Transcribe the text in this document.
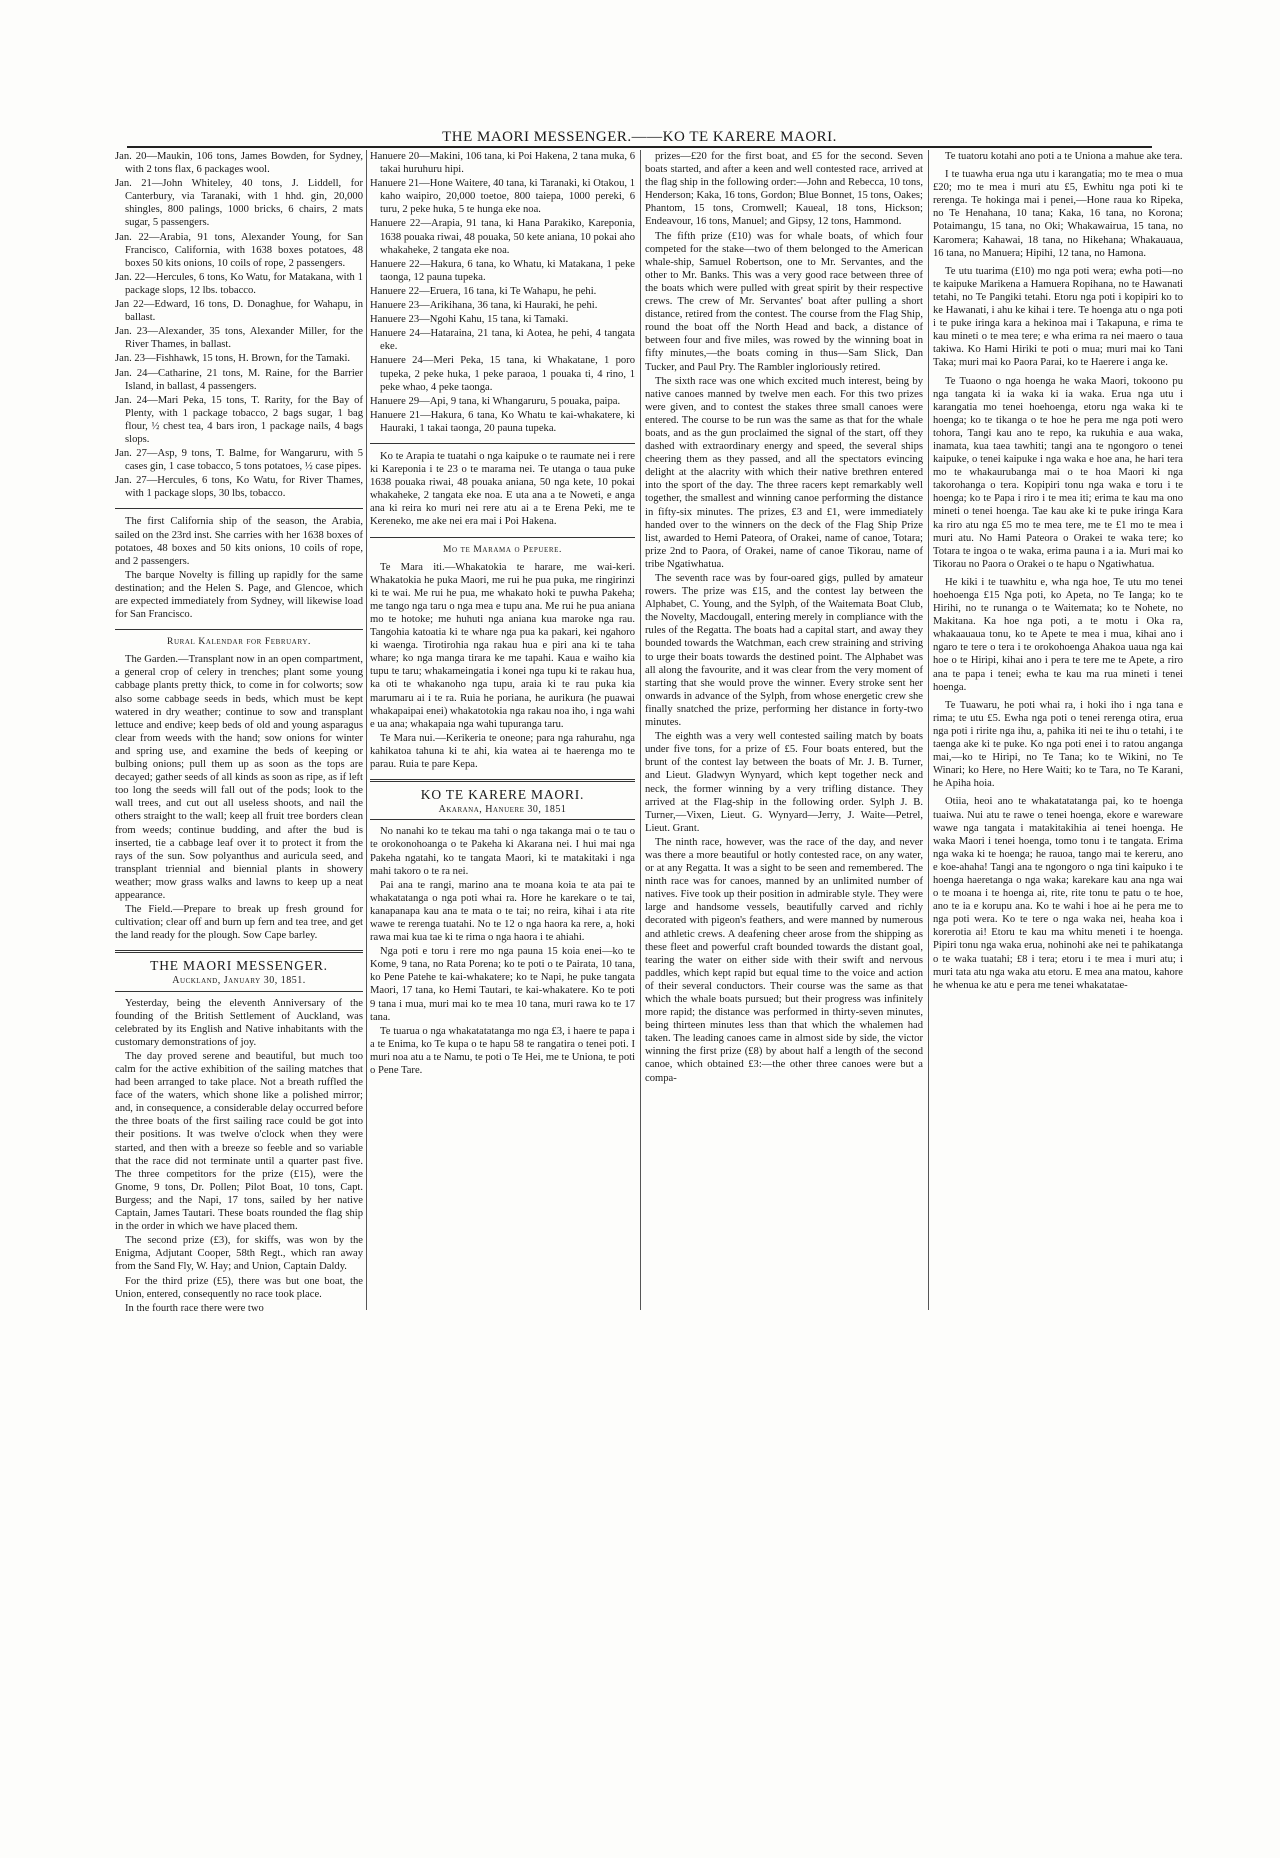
THE MAORI MESSENGER.——KO TE KARERE MAORI.

Jan. 20—Maukin, 106 tons, James Bowden, for Sydney, with 2 tons flax, 6 packages wool.

Jan. 21—John Whiteley, 40 tons, J. Liddell, for Canterbury, via Taranaki, with 1 hhd. gin, 20,000 shingles, 800 palings, 1000 bricks, 6 chairs, 2 mats sugar, 5 passengers.

Jan. 22—Arabia, 91 tons, Alexander Young, for San Francisco, California, with 1638 boxes potatoes, 48 boxes 50 kits onions, 10 coils of rope, 2 passengers.

Jan. 22—Hercules, 6 tons, Ko Watu, for Matakana, with 1 package slops, 12 lbs. tobacco.

Jan 22—Edward, 16 tons, D. Donaghue, for Wahapu, in ballast.

Jan. 23—Alexander, 35 tons, Alexander Miller, for the River Thames, in ballast.

Jan. 23—Fishhawk, 15 tons, H. Brown, for the Tamaki.

Jan. 24—Catharine, 21 tons, M. Raine, for the Barrier Island, in ballast, 4 passengers.

Jan. 24—Mari Peka, 15 tons, T. Rarity, for the Bay of Plenty, with 1 package tobacco, 2 bags sugar, 1 bag flour, ½ chest tea, 4 bars iron, 1 package nails, 4 bags slops.

Jan. 27—Asp, 9 tons, T. Balme, for Wangaruru, with 5 cases gin, 1 case tobacco, 5 tons potatoes, ½ case pipes.

Jan. 27—Hercules, 6 tons, Ko Watu, for River Thames, with 1 package slops, 30 lbs, tobacco.

The first California ship of the season, the Arabia, sailed on the 23rd inst. She carries with her 1638 boxes of potatoes, 48 boxes and 50 kits onions, 10 coils of rope, and 2 passengers.

The barque Novelty is filling up rapidly for the same destination; and the Helen S. Page, and Glencoe, which are expected immediately from Sydney, will likewise load for San Francisco.

Rural Kalendar for February.

The Garden.—Transplant now in an open compartment, a general crop of celery in trenches; plant some young cabbage plants pretty thick, to come in for colworts; sow also some cabbage seeds in beds, which must be kept watered in dry weather; continue to sow and transplant lettuce and endive; keep beds of old and young asparagus clear from weeds with the hand; sow onions for winter and spring use, and examine the beds of keeping or bulbing onions; pull them up as soon as the tops are decayed; gather seeds of all kinds as soon as ripe, as if left too long the seeds will fall out of the pods; look to the wall trees, and cut out all useless shoots, and nail the others straight to the wall; keep all fruit tree borders clean from weeds; continue budding, and after the bud is inserted, tie a cabbage leaf over it to protect it from the rays of the sun. Sow polyanthus and auricula seed, and transplant triennial and biennial plants in showery weather; mow grass walks and lawns to keep up a neat appearance.

The Field.—Prepare to break up fresh ground for cultivation; clear off and burn up fern and tea tree, and get the land ready for the plough. Sow Cape barley.

THE MAORI MESSENGER.
Auckland, January 30, 1851.

Yesterday, being the eleventh Anniversary of the founding of the British Settlement of Auckland, was celebrated by its English and Native inhabitants with the customary demonstrations of joy.

The day proved serene and beautiful, but much too calm for the active exhibition of the sailing matches that had been arranged to take place. Not a breath ruffled the face of the waters, which shone like a polished mirror; and, in consequence, a considerable delay occurred before the three boats of the first sailing race could be got into their positions. It was twelve o'clock when they were started, and then with a breeze so feeble and so variable that the race did not terminate until a quarter past five. The three competitors for the prize (£15), were the Gnome, 9 tons, Dr. Pollen; Pilot Boat, 10 tons, Capt. Burgess; and the Napi, 17 tons, sailed by her native Captain, James Tautari. These boats rounded the flag ship in the order in which we have placed them.

The second prize (£3), for skiffs, was won by the Enigma, Adjutant Cooper, 58th Regt., which ran away from the Sand Fly, W. Hay; and Union, Captain Daldy.

For the third prize (£5), there was but one boat, the Union, entered, consequently no race took place.

In the fourth race there were two

Hanuere 20—Makini, 106 tana, ki Poi Hakena, 2 tana muka, 6 takai huruhuru hipi.

Hanuere 21—Hone Waitere, 40 tana, ki Taranaki, ki Otakou, 1 kaho waipiro, 20,000 toetoe, 800 taiepa, 1000 pereki, 6 turu, 2 peke huka, 5 te hunga eke noa.

Hanuere 22—Arapia, 91 tana, ki Hana Parakiko, Kareponia, 1638 pouaka riwai, 48 pouaka, 50 kete aniana, 10 pokai aho whakaheke, 2 tangata eke noa.

Hanuere 22—Hakura, 6 tana, ko Whatu, ki Matakana, 1 peke taonga, 12 pauna tupeka.

Hanuere 22—Eruera, 16 tana, ki Te Wahapu, he pehi.

Hanuere 23—Arikihana, 36 tana, ki Hauraki, he pehi.

Hanuere 23—Ngohi Kahu, 15 tana, ki Tamaki.

Hanuere 24—Hataraina, 21 tana, ki Aotea, he pehi, 4 tangata eke.

Hanuere 24—Meri Peka, 15 tana, ki Whakatane, 1 poro tupeka, 2 peke huka, 1 peke paraoa, 1 pouaka ti, 4 rino, 1 peke whao, 4 peke taonga.

Hanuere 29—Api, 9 tana, ki Whangaruru, 5 pouaka, paipa.

Hanuere 21—Hakura, 6 tana, Ko Whatu te kai-whakatere, ki Hauraki, 1 takai taonga, 20 pauna tupeka.

Ko te Arapia te tuatahi o nga kaipuke o te raumate nei i rere ki Kareponia i te 23 o te marama nei. Te utanga o taua puke 1638 pouaka riwai, 48 pouaka aniana, 50 nga kete, 10 pokai whakaheke, 2 tangata eke noa. E uta ana a te Noweti, e anga ana ki reira ko muri nei rere atu ai a te Erena Peki, me te Kereneko, me ake nei era mai i Poi Hakena.

Mo te Marama o Pepuere.

Te Mara iti.—Whakatokia te harare, me wai-keri. Whakatokia he puka Maori, me rui he pua puka, me ringirinzi ki te wai. Me rui he pua, me whakato hoki te puwha Pakeha; me tango nga taru o nga mea e tupu ana. Me rui he pua aniana mo te hotoke; me huhuti nga aniana kua maroke nga rau. Tangohia katoatia ki te whare nga pua ka pakari, kei ngahoro ki waenga. Tirotirohia nga rakau hua e piri ana ki te taha whare; ko nga manga tirara ke me tapahi. Kaua e waiho kia tupu te taru; whakameingatia i konei nga tupu ki te rakau hua, ka oti te whakanoho nga tupu, araia ki te rau puka kia marumaru ai i te ra. Ruia he poriana, he aurikura (he puawai whakapaipai enei) whakatotokia nga rakau noa iho, i nga wahi e ua ana; whakapaia nga wahi tupuranga taru.

Te Mara nui.—Kerikeria te oneone; para nga rahurahu, nga kahikatoa tahuna ki te ahi, kia watea ai te haerenga mo te parau. Ruia te pare Kepa.

KO TE KARERE MAORI.
Akarana, Hanuere 30, 1851

No nanahi ko te tekau ma tahi o nga takanga mai o te tau o te orokonohoanga o te Pakeha ki Akarana nei. I hui mai nga Pakeha ngatahi, ko te tangata Maori, ki te matakitaki i nga mahi takoro o te ra nei.

Pai ana te rangi, marino ana te moana koia te ata pai te whakatatanga o nga poti whai ra. Hore he karekare o te tai, kanapanapa kau ana te mata o te tai; no reira, kihai i ata rite wawe te rerenga tuatahi. No te 12 o nga haora ka rere, a, hoki rawa mai kua tae ki te rima o nga haora i te ahiahi.

Nga poti e toru i rere mo nga pauna 15 koia enei—ko te Kome, 9 tana, no Rata Porena; ko te poti o te Pairata, 10 tana, ko Pene Patehe te kai-whakatere; ko te Napi, he puke tangata Maori, 17 tana, ko Hemi Tautari, te kai-whakatere. Ko te poti 9 tana i mua, muri mai ko te mea 10 tana, muri rawa ko te 17 tana.

Te tuarua o nga whakatatatanga mo nga £3, i haere te papa i a te Enima, ko Te kupa o te hapu 58 te rangatira o tenei poti. I muri noa atu a te Namu, te poti o Te Hei, me te Uniona, te poti o Pene Tare.

prizes—£20 for the first boat, and £5 for the second. Seven boats started, and after a keen and well contested race, arrived at the flag ship in the following order:—John and Rebecca, 10 tons, Henderson; Kaka, 16 tons, Gordon; Blue Bonnet, 15 tons, Oakes; Phantom, 15 tons, Cromwell; Kaueal, 18 tons, Hickson; Endeavour, 16 tons, Manuel; and Gipsy, 12 tons, Hammond.

The fifth prize (£10) was for whale boats, of which four competed for the stake—two of them belonged to the American whale-ship, Samuel Robertson, one to Mr. Servantes, and the other to Mr. Banks. This was a very good race between three of the boats which were pulled with great spirit by their respective crews. The crew of Mr. Servantes' boat after pulling a short distance, retired from the contest. The course from the Flag Ship, round the boat off the North Head and back, a distance of between four and five miles, was rowed by the winning boat in fifty minutes,—the boats coming in thus—Sam Slick, Dan Tucker, and Paul Pry. The Rambler ingloriously retired.

The sixth race was one which excited much interest, being by native canoes manned by twelve men each. For this two prizes were given, and to contest the stakes three small canoes were entered. The course to be run was the same as that for the whale boats, and as the gun proclaimed the signal of the start, off they dashed with extraordinary energy and speed, the several ships cheering them as they passed, and all the spectators evincing delight at the alacrity with which their native brethren entered into the sport of the day. The three racers kept remarkably well together, the smallest and winning canoe performing the distance in fifty-six minutes. The prizes, £3 and £1, were immediately handed over to the winners on the deck of the Flag Ship Prize list, awarded to Hemi Pateora, of Orakei, name of canoe, Totara; prize 2nd to Paora, of Orakei, name of canoe Tikorau, name of tribe Ngatiwhatua.

The seventh race was by four-oared gigs, pulled by amateur rowers. The prize was £15, and the contest lay between the Alphabet, C. Young, and the Sylph, of the Waitemata Boat Club, the Novelty, Macdougall, entering merely in compliance with the rules of the Regatta. The boats had a capital start, and away they bounded towards the Watchman, each crew straining and striving to urge their boats towards the destined point. The Alphabet was all along the favourite, and it was clear from the very moment of starting that she would prove the winner. Every stroke sent her onwards in advance of the Sylph, from whose energetic crew she finally snatched the prize, performing her distance in forty-two minutes.

The eighth was a very well contested sailing match by boats under five tons, for a prize of £5. Four boats entered, but the brunt of the contest lay between the boats of Mr. J. B. Turner, and Lieut. Gladwyn Wynyard, which kept together neck and neck, the former winning by a very trifling distance. They arrived at the Flag-ship in the following order. Sylph J. B. Turner,—Vixen, Lieut. G. Wynyard—Jerry, J. Waite—Petrel, Lieut. Grant.

The ninth race, however, was the race of the day, and never was there a more beautiful or hotly contested race, on any water, or at any Regatta. It was a sight to be seen and remembered. The ninth race was for canoes, manned by an unlimited number of natives. Five took up their position in admirable style. They were large and handsome vessels, beautifully carved and richly decorated with pigeon's feathers, and were manned by numerous and athletic crews. A deafening cheer arose from the shipping as these fleet and powerful craft bounded towards the distant goal, tearing the water on either side with their swift and nervous paddles, which kept rapid but equal time to the voice and action of their several conductors. Their course was the same as that which the whale boats pursued; but their progress was infinitely more rapid; the distance was performed in thirty-seven minutes, being thirteen minutes less than that which the whalemen had taken. The leading canoes came in almost side by side, the victor winning the first prize (£8) by about half a length of the second canoe, which obtained £3:—the other three canoes were but a compa-

Te tuatoru kotahi ano poti a te Uniona a mahue ake tera.

I te tuawha erua nga utu i karangatia; mo te mea o mua £20; mo te mea i muri atu £5, Ewhitu nga poti ki te rerenga. Te hokinga mai i penei,—Hone raua ko Ripeka, no Te Henahana, 10 tana; Kaka, 16 tana, no Korona; Potaimangu, 15 tana, no Oki; Whakawairua, 15 tana, no Karomera; Kahawai, 18 tana, no Hikehana; Whakauaua, 16 tana, no Manuera; Hipihi, 12 tana, no Hamona.

Te utu tuarima (£10) mo nga poti wera; ewha poti—no te kaipuke Marikena a Hamuera Ropihana, no te Hawanati tetahi, no Te Pangiki tetahi. Etoru nga poti i kopipiri ko to ke Hawanati, i ahu ke kihai i tere. Te hoenga atu o nga poti i te puke iringa kara a hekinoa mai i Takapuna, e rima te kau mineti o te mea tere; e wha erima ra nei maero o taua takiwa. Ko Hami Hiriki te poti o mua; muri mai ko Tani Taka; muri mai ko Paora Parai, ko te Haerere i anga ke.

Te Tuaono o nga hoenga he waka Maori, tokoono pu nga tangata ki ia waka ki ia waka. Erua nga utu i karangatia mo tenei hoehoenga, etoru nga waka ki te hoenga; ko te tikanga o te hoe he pera me nga poti wero tohora, Tangi kau ano te repo, ka rukuhia e aua waka, inamata, kua taea tawhiti; tangi ana te ngongoro o tenei kaipuke, o tenei kaipuke i nga waka e hoe ana, he hari tera mo te whakaurubanga mai o te hoa Maori ki nga takorohanga o tera. Kopipiri tonu nga waka e toru i te hoenga; ko te Papa i riro i te mea iti; erima te kau ma ono mineti o tenei hoenga. Tae kau ake ki te puke iringa Kara ka riro atu nga £5 mo te mea tere, me te £1 mo te mea i muri atu. No Hami Pateora o Orakei te waka tere; ko Totara te ingoa o te waka, erima pauna i a ia. Muri mai ko Tikorau no Paora o Orakei o te hapu o Ngatiwhatua.

He kiki i te tuawhitu e, wha nga hoe, Te utu mo tenei hoehoenga £15 Nga poti, ko Apeta, no Te Ianga; ko te Hirihi, no te runanga o te Waitemata; ko te Nohete, no Makitana. Ka hoe nga poti, a te motu i Oka ra, whakaauaua tonu, ko te Apete te mea i mua, kihai ano i ngaro te tere o tera i te orokohoenga Ahakoa uaua nga kai hoe o te Hiripi, kihai ano i pera te tere me te Apete, a riro ana te papa i tenei; ewha te kau ma rua mineti i tenei hoenga.

Te Tuawaru, he poti whai ra, i hoki iho i nga tana e rima; te utu £5. Ewha nga poti o tenei rerenga otira, erua nga poti i ririte nga ihu, a, pahika iti nei te ihu o tetahi, i te taenga ake ki te puke. Ko nga poti enei i to ratou anganga mai,—ko te Hiripi, no Te Tana; ko te Wikini, no Te Winari; ko Here, no Here Waiti; ko te Tara, no Te Karani, he Apiha hoia.

Otiia, heoi ano te whakatatatanga pai, ko te hoenga tuaiwa. Nui atu te rawe o tenei hoenga, ekore e wareware wawe nga tangata i matakitakihia ai tenei hoenga. He waka Maori i tenei hoenga, tomo tonu i te tangata. Erima nga waka ki te hoenga; he rauoa, tango mai te kereru, ano e koe-ahaha! Tangi ana te ngongoro o nga tini kaipuko i te hoenga haeretanga o nga waka; karekare kau ana nga wai o te moana i te hoenga ai, rite, rite tonu te patu o te hoe, ano te ia e korupu ana. Ko te wahi i hoe ai he pera me to nga poti wera. Ko te tere o nga waka nei, heaha koa i korerotia ai! Etoru te kau ma whitu meneti i te hoenga. Pipiri tonu nga waka erua, nohinohi ake nei te pahikatanga o te waka tuatahi; £8 i tera; etoru i te mea i muri atu; i muri tata atu nga waka atu etoru. E mea ana matou, kahore he whenua ke atu e pera me tenei whakatatae-
